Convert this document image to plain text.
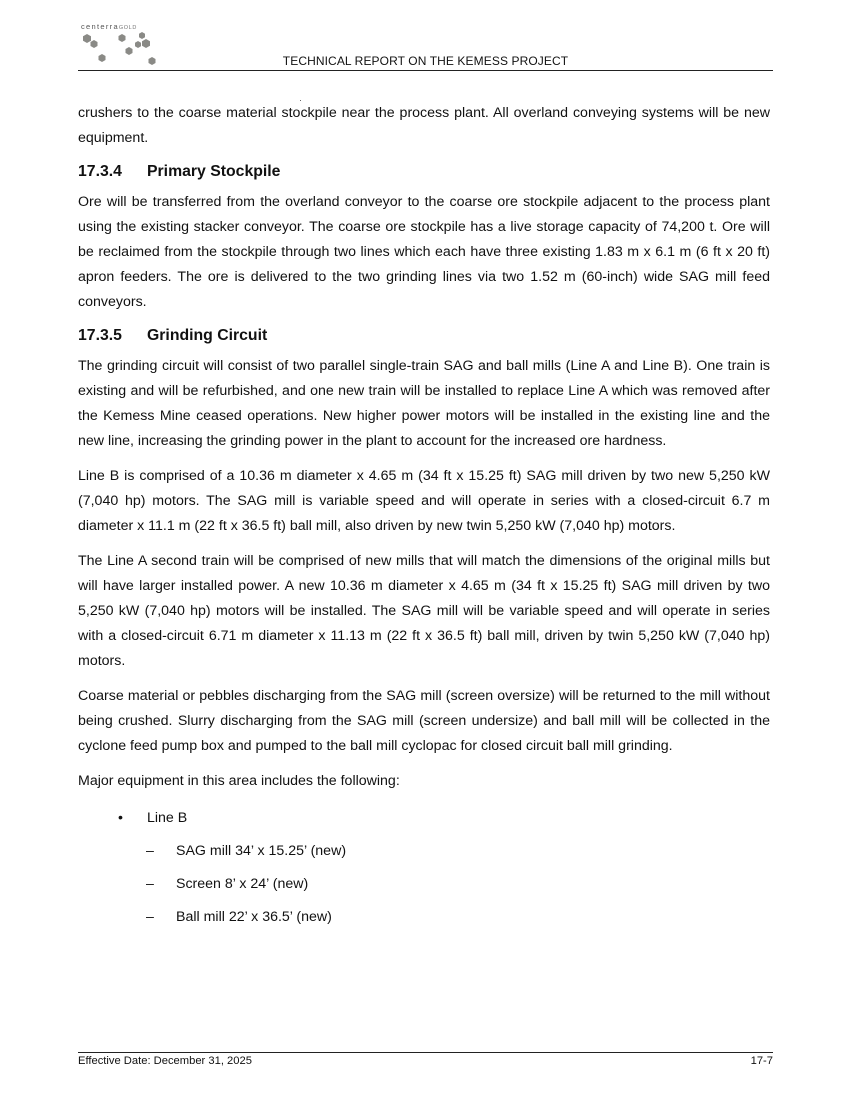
centerraGOLD
TECHNICAL REPORT ON THE KEMESS PROJECT

crushers to the coarse material stockpile near the process plant. All overland conveying systems will be new equipment.

17.3.4 Primary Stockpile

Ore will be transferred from the overland conveyor to the coarse ore stockpile adjacent to the process plant using the existing stacker conveyor. The coarse ore stockpile has a live storage capacity of 74,200 t. Ore will be reclaimed from the stockpile through two lines which each have three existing 1.83 m x 6.1 m (6 ft x 20 ft) apron feeders. The ore is delivered to the two grinding lines via two 1.52 m (60-inch) wide SAG mill feed conveyors.

17.3.5 Grinding Circuit

The grinding circuit will consist of two parallel single-train SAG and ball mills (Line A and Line B). One train is existing and will be refurbished, and one new train will be installed to replace Line A which was removed after the Kemess Mine ceased operations. New higher power motors will be installed in the existing line and the new line, increasing the grinding power in the plant to account for the increased ore hardness.

Line B is comprised of a 10.36 m diameter x 4.65 m (34 ft x 15.25 ft) SAG mill driven by two new 5,250 kW (7,040 hp) motors. The SAG mill is variable speed and will operate in series with a closed-circuit 6.7 m diameter x 11.1 m (22 ft x 36.5 ft) ball mill, also driven by new twin 5,250 kW (7,040 hp) motors.

The Line A second train will be comprised of new mills that will match the dimensions of the original mills but will have larger installed power. A new 10.36 m diameter x 4.65 m (34 ft x 15.25 ft) SAG mill driven by two 5,250 kW (7,040 hp) motors will be installed. The SAG mill will be variable speed and will operate in series with a closed-circuit 6.71 m diameter x 11.13 m (22 ft x 36.5 ft) ball mill, driven by twin 5,250 kW (7,040 hp) motors.

Coarse material or pebbles discharging from the SAG mill (screen oversize) will be returned to the mill without being crushed. Slurry discharging from the SAG mill (screen undersize) and ball mill will be collected in the cyclone feed pump box and pumped to the ball mill cyclopac for closed circuit ball mill grinding.

Major equipment in this area includes the following:

• Line B
– SAG mill 34’ x 15.25’ (new)
– Screen 8’ x 24’ (new)
– Ball mill 22’ x 36.5’ (new)
Effective Date: December 31, 2025	17-7
